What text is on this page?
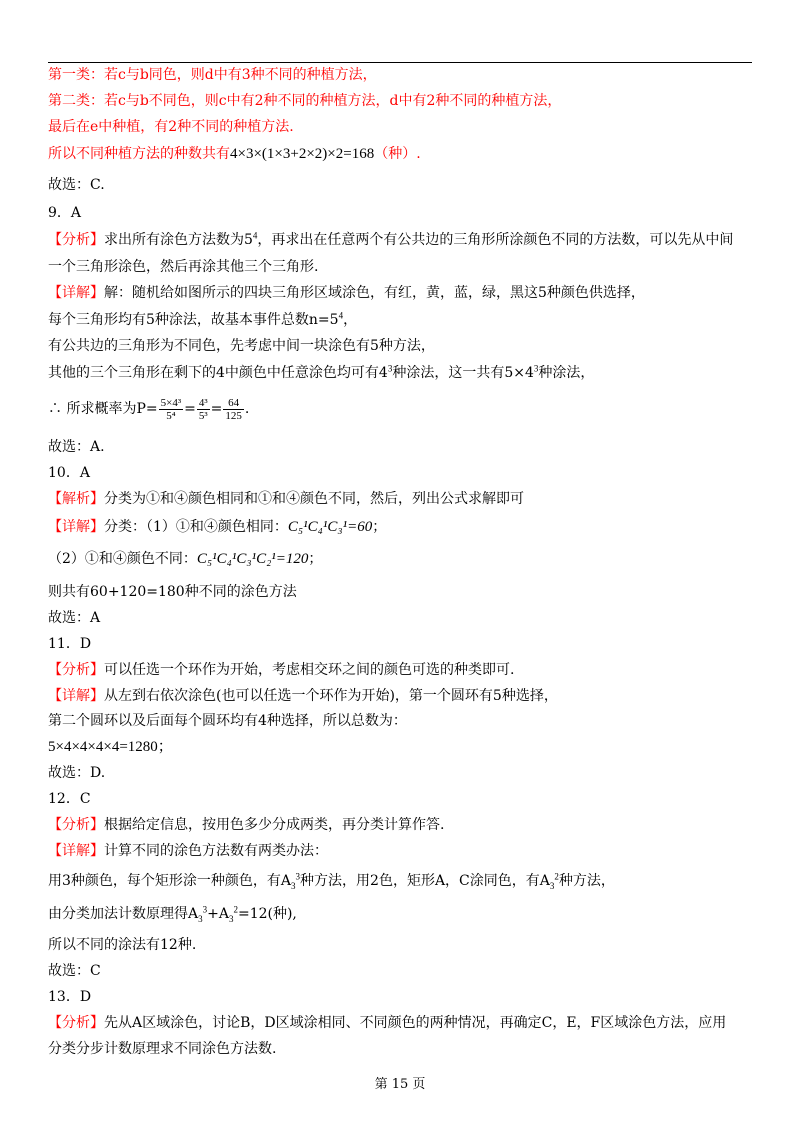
第一类：若c与b同色，则d中有3种不同的种植方法，
第二类：若c与b不同色，则c中有2种不同的种植方法，d中有2种不同的种植方法，
最后在e中种植，有2种不同的种植方法.
所以不同种植方法的种数共有4×3×(1×3+2×2)×2=168（种）.
故选：C.
9．A
【分析】求出所有涂色方法数为$5^4$，再求出在任意两个有公共边的三角形所涂颜色不同的方法数，可以先从中间
一个三角形涂色，然后再涂其他三个三角形.
【详解】解：随机给如图所示的四块三角形区域涂色，有红，黄，蓝，绿，黑这5种颜色供选择，
每个三角形均有5种涂法，故基本事件总数$n=5^4$，
有公共边的三角形为不同色，先考虑中间一块涂色有5种方法，
其他的三个三角形在剩下的4中颜色中任意涂色均可有$4^3$种涂法，这一共有$5\times 4^3$种涂法，
∴ 所求概率为$P= \frac{\text{5×4³}}{\text{5⁴}} = \frac{\text{4³}}{\text{5³}} = \frac{64}{125}$ .
故选：A.
10．A
【解析】分类为①和④颜色相同和①和④颜色不同，然后，列出公式求解即可
【详解】分类：（1）①和④颜色相同：C₅¹C₄¹C₃¹=60；
（2）①和④颜色不同：C₅¹C₄¹C₃¹C₂¹=120；
则共有60+120=180种不同的涂色方法
故选：A
11．D
【分析】可以任选一个环作为开始，考虑相交环之间的颜色可选的种类即可.
【详解】从左到右依次涂色(也可以任选一个环作为开始)，第一个圆环有5种选择，
第二个圆环以及后面每个圆环均有4种选择，所以总数为：
5×4×4×4×4=1280；
故选：D.
12．C
【分析】根据给定信息，按用色多少分成两类，再分类计算作答.
【详解】计算不同的涂色方法数有两类办法：
用3种颜色，每个矩形涂一种颜色，有$A_3^3$种方法，用2色，矩形A，C涂同色，有$A_3^2$种方法，
由分类加法计数原理得$A_3^3+A_3^2=12$(种),
所以不同的涂法有12种.
故选：C
13．D
【分析】先从A区域涂色，讨论B，D区域涂相同、不同颜色的两种情况，再确定C，E，F区域涂色方法，应用
分类分步计数原理求不同涂色方法数.
第 15 页
